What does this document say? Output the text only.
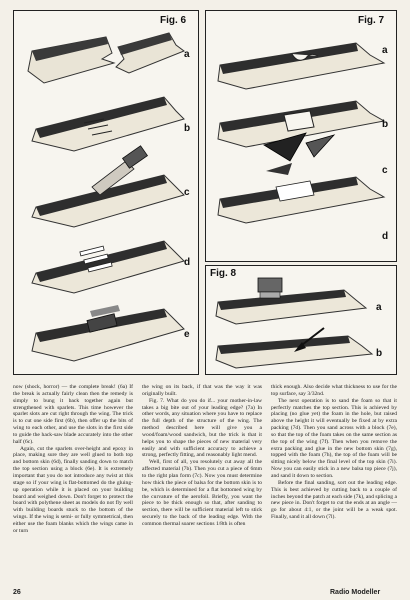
Fig. 6
a
b
c
d
e
Fig. 7
a
b
c
d
Fig. 8
a
b

now (shock, horror) — the complete break! (6a) If the break is actually fairly clean then the remedy is simply to bung it back together again but strengthened with sparlets. This time however the sparlet slots are cut right through the wing. The trick is to cut one side first (6b), then offer up the bits of wing to each other, and use the slots in the first side to guide the hack-saw blade accurately into the other half (6c).

Again, cut the sparlets over-height and epoxy in place, making sure they are well glued to both top and bottom skin (6d), finally sanding down to match the top section using a block (6e). It is extremely important that you do not introduce any twist at this stage so if your wing is flat-bottomed do the gluing-up operation while it is placed on your building board and weighed down. Don't forget to protect the board with polythene sheet as models do not fly well with building boards stuck to the bottom of the wings. If the wing is semi- or fully symmetrical, then either use the foam blanks which the wings came in or turn

the wing on its back, if that was the way it was originally built.

Fig. 7. What do you do if... your mother-in-law takes a big bite out of your leading edge? (7a) In other words, any situation where you have to replace the full depth of the structure of the wing. The method described here will give you a wood/foam/wood sandwich, but the trick is that it helps you to shape the pieces of new material very easily and with sufficient accuracy to achieve a strong, perfectly fitting, and reasonably light mend.

Well, first of all, you resolutely cut away all the affected material (7b). Then you cut a piece of 6mm to the right plan form (7c). Now you must determine how thick the piece of balsa for the bottom skin is to be, which is determined for a flat bottomed wing by the curvature of the aerofoil. Briefly, you want the piece to be thick enough so that, after sanding to section, there will be sufficient material left to stick securely to the back of the leading edge. With the common thermal soarer sections 1/8th is often

thick enough. Also decide what thickness to use for the top surface, say 3/32nd.

The next operation is to sand the foam so that it perfectly matches the top section. This is achieved by placing (no glue yet) the foam in the hole, but raised above the height it will eventually be fixed at by extra packing (7d). Then you sand across with a block (7e), so that the top of the foam takes on the same section as the top of the wing (7f). Then when you remove the extra packing and glue in the new bottom skin (7g), topped with the foam (7h), the top of the foam will be sitting nicely below the final level of the top skin (7i). Now you can easily stick in a new balsa top piece (7j), and sand it down to section.

Before the final sanding, sort out the leading edge. This is best achieved by cutting back to a couple of inches beyond the patch at each side (7k), and splicing a new piece in. Don't forget to cut the ends at an angle — go for about 4:1, or the joint will be a weak spot. Finally, sand it all down (7l).

26	Radio Modeller
